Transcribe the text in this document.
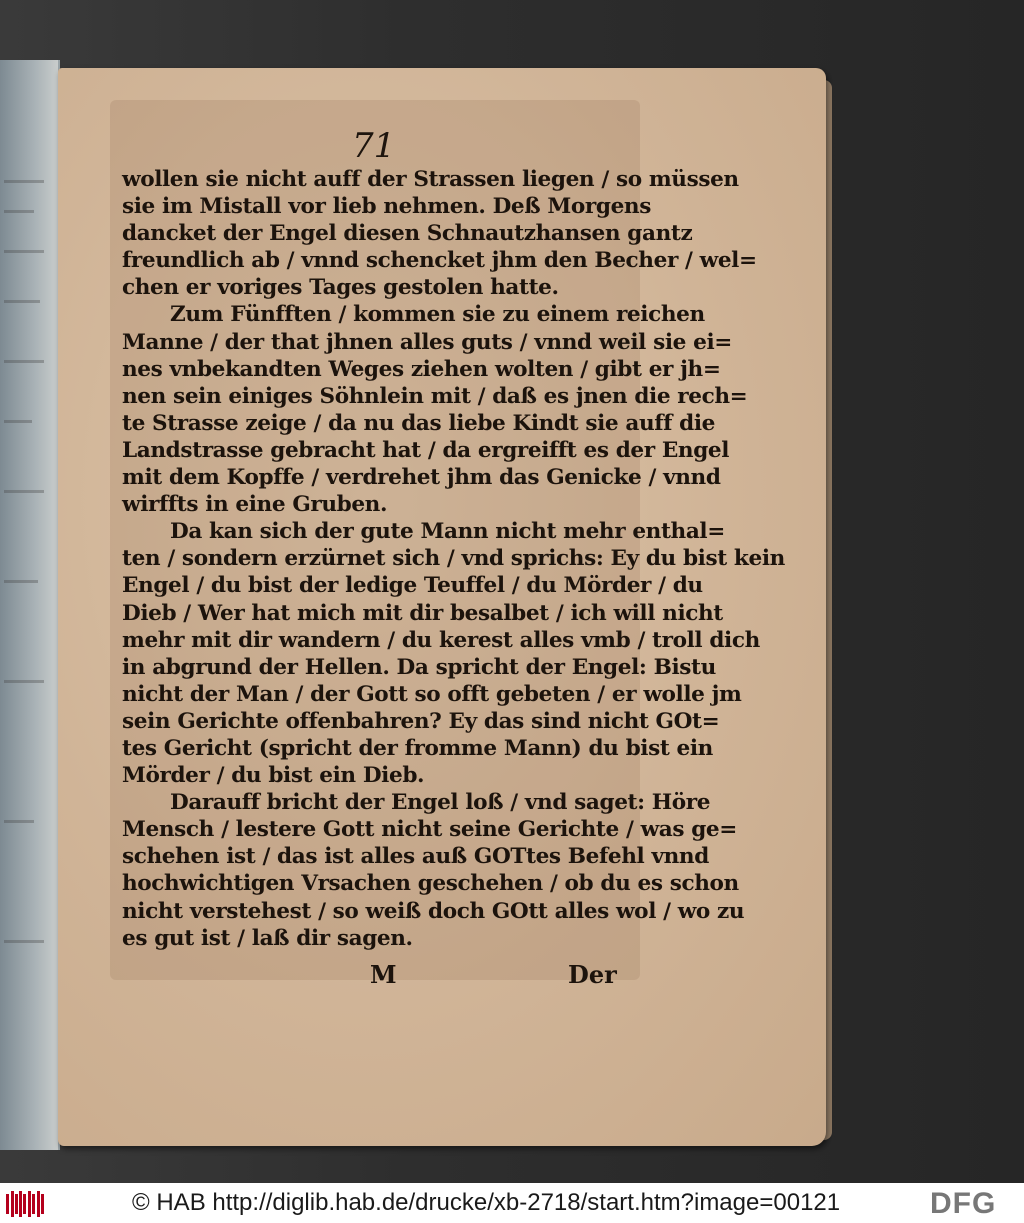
71
wollen sie nicht auff der Strassen liegen / so müssen
sie im Mistall vor lieb nehmen. Deß Morgens
dancket der Engel diesen Schnautzhansen gantz
freundlich ab / vnnd schencket jhm den Becher / wel=
chen er voriges Tages gestolen hatte.
Zum Fünfften / kommen sie zu einem reichen
Manne / der that jhnen alles guts / vnnd weil sie ei=
nes vnbekandten Weges ziehen wolten / gibt er jh=
nen sein einiges Söhnlein mit / daß es jnen die rech=
te Strasse zeige / da nu das liebe Kindt sie auff die
Landstrasse gebracht hat / da ergreifft es der Engel
mit dem Kopffe / verdrehet jhm das Genicke / vnnd
wirffts in eine Gruben.
Da kan sich der gute Mann nicht mehr enthal=
ten / sondern erzürnet sich / vnd sprichs: Ey du bist kein
Engel / du bist der ledige Teuffel / du Mörder / du
Dieb / Wer hat mich mit dir besalbet / ich will nicht
mehr mit dir wandern / du kerest alles vmb / troll dich
in abgrund der Hellen. Da spricht der Engel: Bistu
nicht der Man / der Gott so offt gebeten / er wolle jm
sein Gerichte offenbahren? Ey das sind nicht GOt=
tes Gericht (spricht der fromme Mann) du bist ein
Mörder / du bist ein Dieb.
Darauff bricht der Engel loß / vnd saget: Höre
Mensch / lestere Gott nicht seine Gerichte / was ge=
schehen ist / das ist alles auß GOTtes Befehl vnnd
hochwichtigen Vrsachen geschehen / ob du es schon
nicht verstehest / so weiß doch GOtt alles wol / wo zu
es gut ist / laß dir sagen.
M	Der
© HAB http://diglib.hab.de/drucke/xb-2718/start.htm?image=00121	DFG
